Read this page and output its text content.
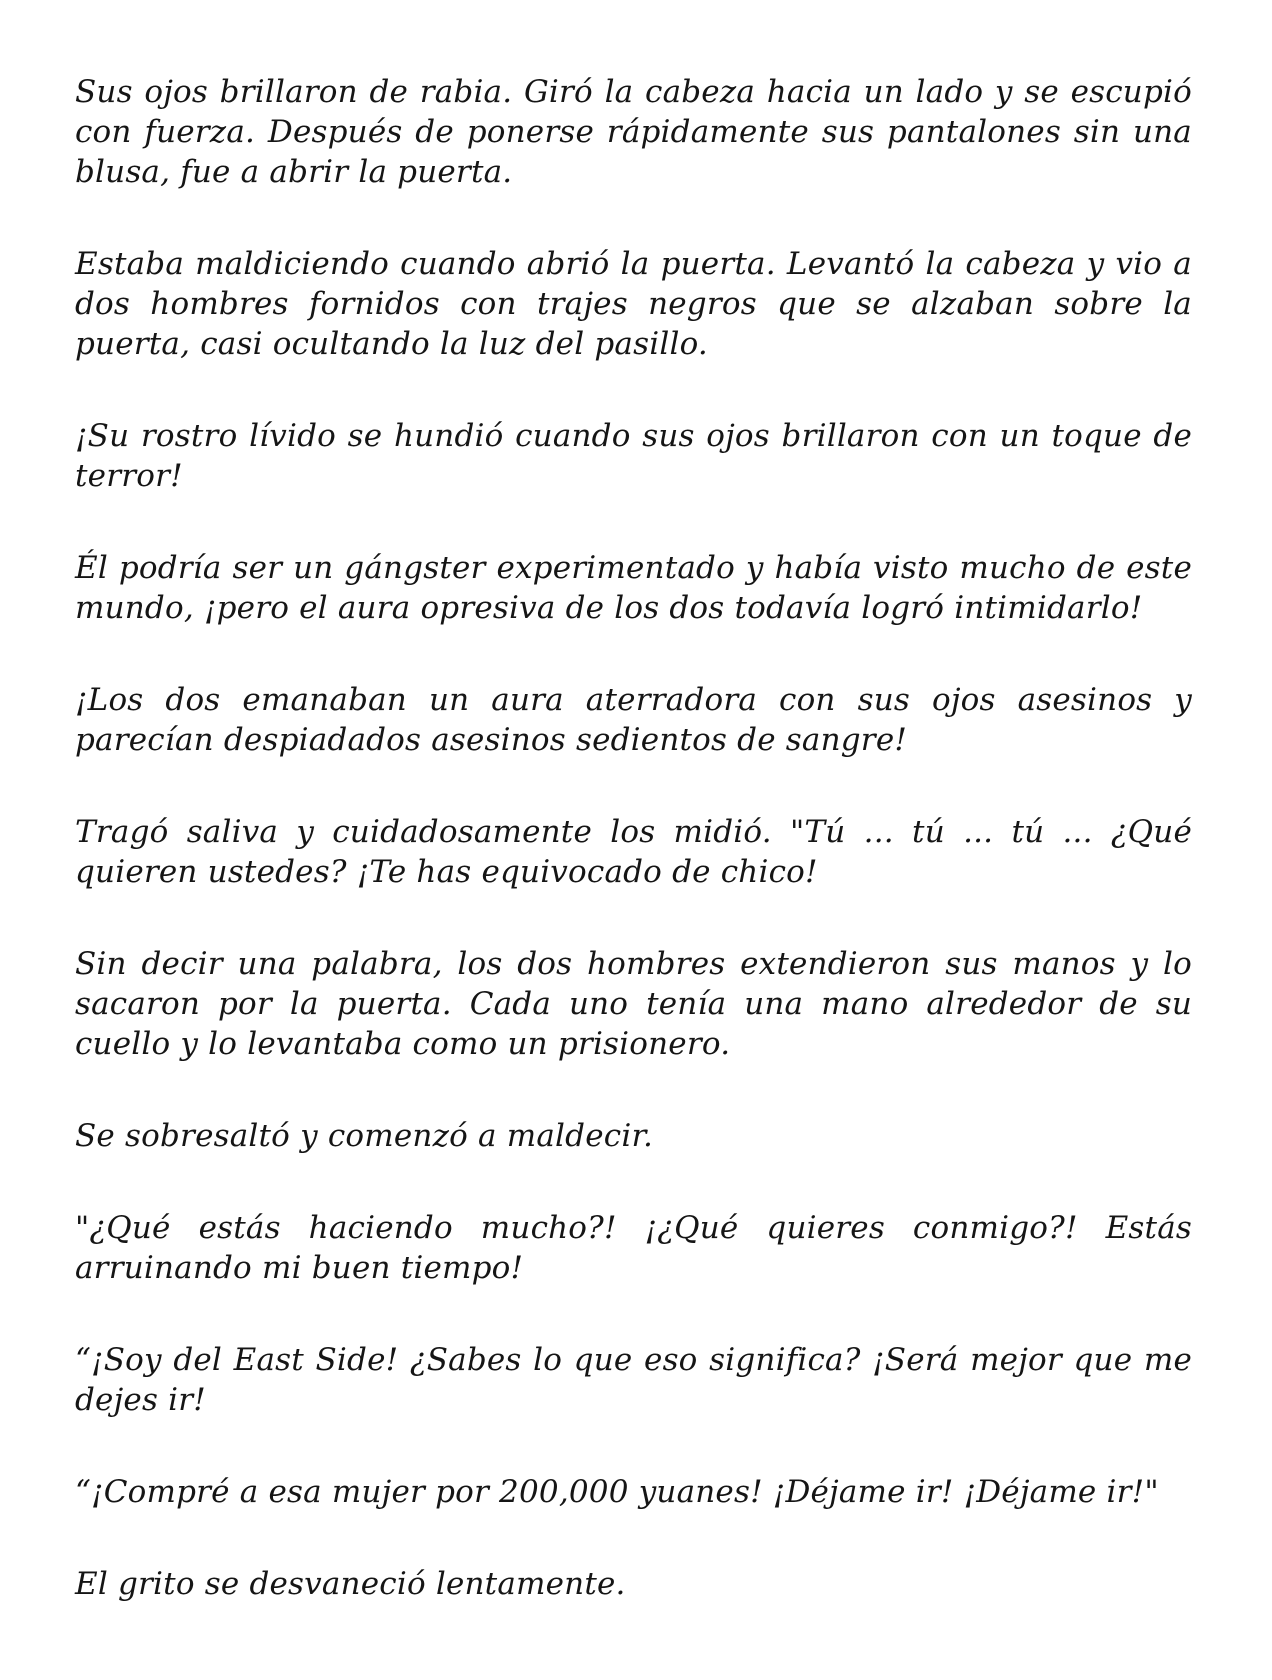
Sus ojos brillaron de rabia. Giró la cabeza hacia un lado y se escupió con fuerza. Después de ponerse rápidamente sus pantalones sin una blusa, fue a abrir la puerta.

Estaba maldiciendo cuando abrió la puerta. Levantó la cabeza y vio a dos hombres fornidos con trajes negros que se alzaban sobre la puerta, casi ocultando la luz del pasillo.

¡Su rostro lívido se hundió cuando sus ojos brillaron con un toque de terror!

Él podría ser un gángster experimentado y había visto mucho de este mundo, ¡pero el aura opresiva de los dos todavía logró intimidarlo!

¡Los dos emanaban un aura aterradora con sus ojos asesinos y parecían despiadados asesinos sedientos de sangre!

Tragó saliva y cuidadosamente los midió. "Tú ... tú ... tú ... ¿Qué quieren ustedes? ¡Te has equivocado de chico!

Sin decir una palabra, los dos hombres extendieron sus manos y lo sacaron por la puerta. Cada uno tenía una mano alrededor de su cuello y lo levantaba como un prisionero.

Se sobresaltó y comenzó a maldecir.

"¿Qué estás haciendo mucho?! ¡¿Qué quieres conmigo?! Estás arruinando mi buen tiempo!

“¡Soy del East Side! ¿Sabes lo que eso significa? ¡Será mejor que me dejes ir!

“¡Compré a esa mujer por 200,000 yuanes! ¡Déjame ir! ¡Déjame ir!"

El grito se desvaneció lentamente.
